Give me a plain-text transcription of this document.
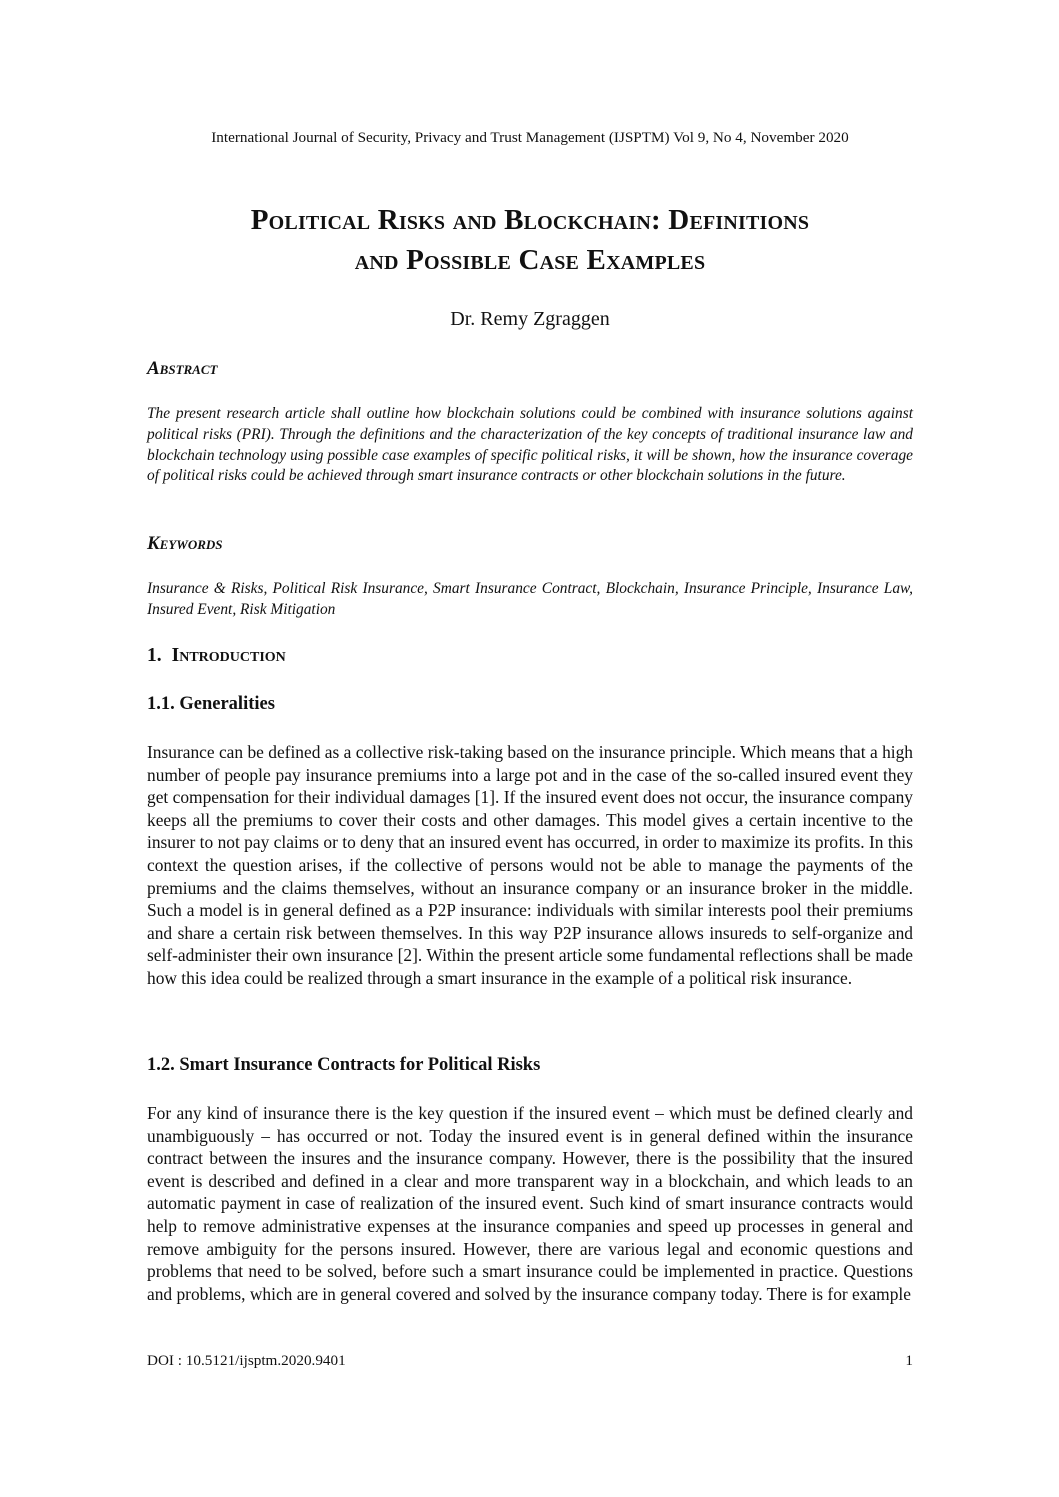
International Journal of Security, Privacy and Trust Management (IJSPTM) Vol 9, No 4, November 2020
Political Risks and Blockchain: Definitions
and Possible Case Examples
Dr. Remy Zgraggen
Abstract
The present research article shall outline how blockchain solutions could be combined with insurance solutions against political risks (PRI). Through the definitions and the characterization of the key concepts of traditional insurance law and blockchain technology using possible case examples of specific political risks, it will be shown, how the insurance coverage of political risks could be achieved through smart insurance contracts or other blockchain solutions in the future.
Keywords
Insurance & Risks, Political Risk Insurance, Smart Insurance Contract, Blockchain, Insurance Principle, Insurance Law, Insured Event, Risk Mitigation
1. Introduction
1.1. Generalities
Insurance can be defined as a collective risk-taking based on the insurance principle. Which means that a high number of people pay insurance premiums into a large pot and in the case of the so-called insured event they get compensation for their individual damages [1]. If the insured event does not occur, the insurance company keeps all the premiums to cover their costs and other damages. This model gives a certain incentive to the insurer to not pay claims or to deny that an insured event has occurred, in order to maximize its profits. In this context the question arises, if the collective of persons would not be able to manage the payments of the premiums and the claims themselves, without an insurance company or an insurance broker in the middle. Such a model is in general defined as a P2P insurance: individuals with similar interests pool their premiums and share a certain risk between themselves. In this way P2P insurance allows insureds to self-organize and self-administer their own insurance [2]. Within the present article some fundamental reflections shall be made how this idea could be realized through a smart insurance in the example of a political risk insurance.
1.2. Smart Insurance Contracts for Political Risks
For any kind of insurance there is the key question if the insured event – which must be defined clearly and unambiguously – has occurred or not. Today the insured event is in general defined within the insurance contract between the insures and the insurance company. However, there is the possibility that the insured event is described and defined in a clear and more transparent way in a blockchain, and which leads to an automatic payment in case of realization of the insured event. Such kind of smart insurance contracts would help to remove administrative expenses at the insurance companies and speed up processes in general and remove ambiguity for the persons insured. However, there are various legal and economic questions and problems that need to be solved, before such a smart insurance could be implemented in practice. Questions and problems, which are in general covered and solved by the insurance company today. There is for example
DOI : 10.5121/ijsptm.2020.9401	1
